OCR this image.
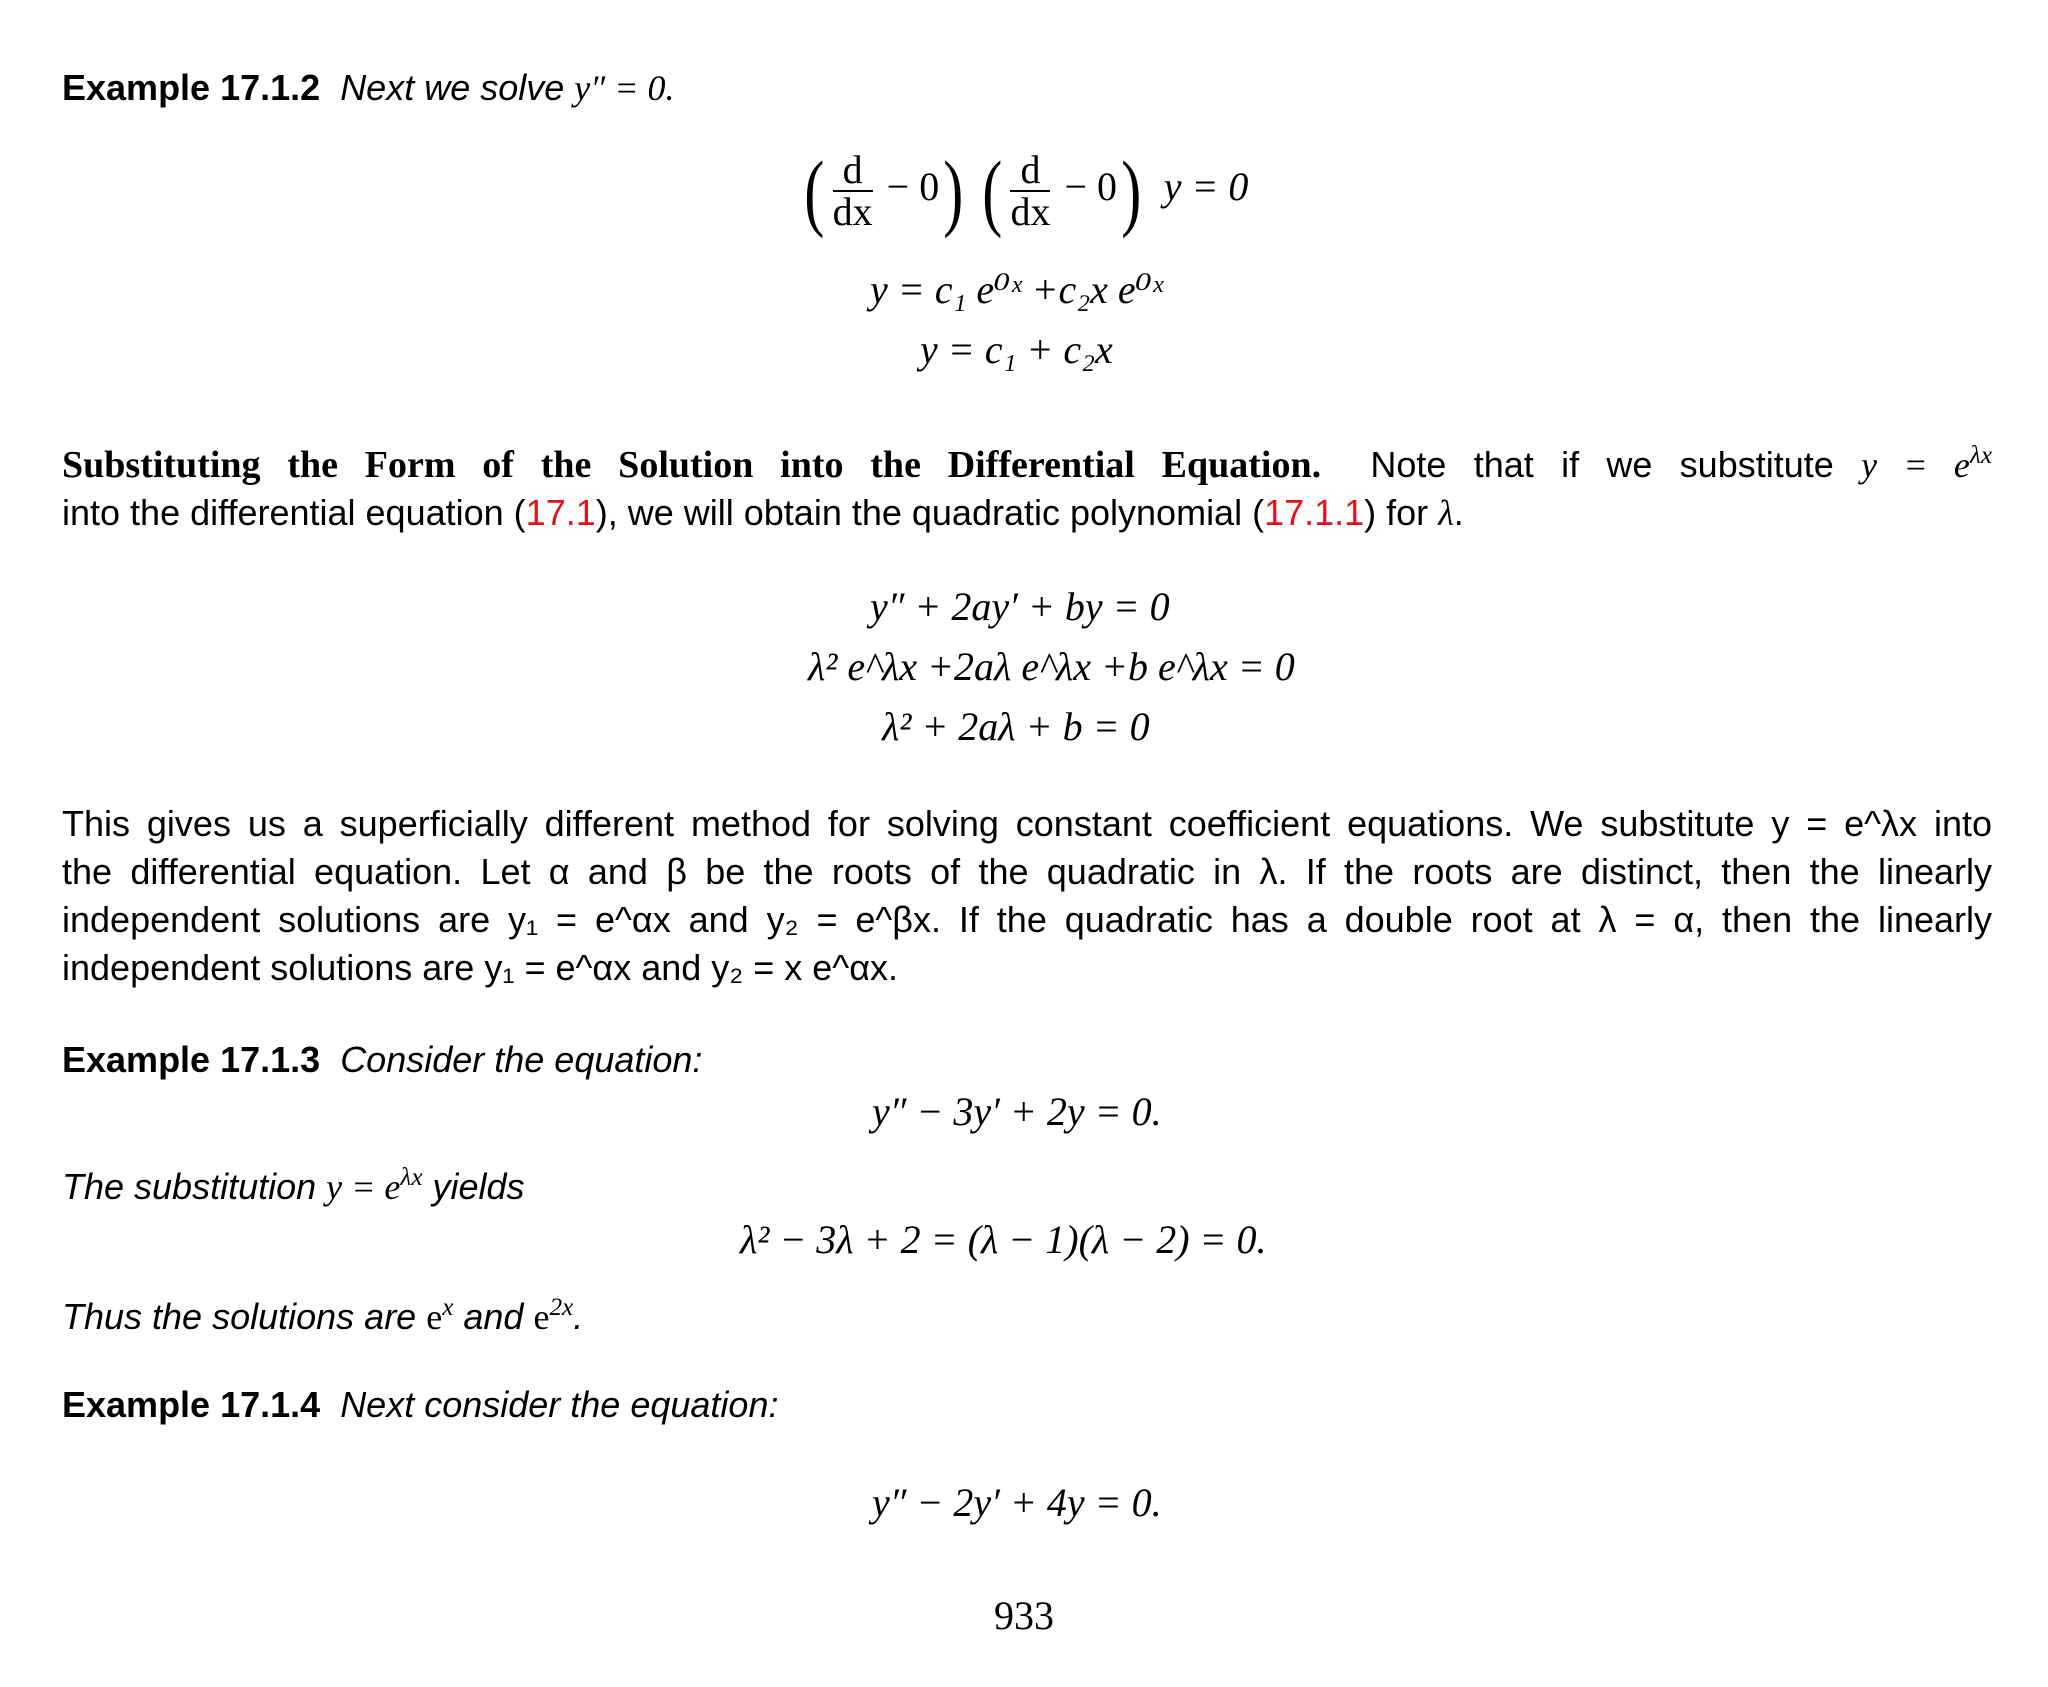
Example 17.1.2 Next we solve y″ = 0.
( $\frac{d}{dx} - 0$) ( $\frac{d}{dx} - 0$) y = 0
y = c₁ e⁰ˣ +c₂x e⁰ˣ
y = c₁ + c₂x
Substituting the Form of the Solution into the Differential Equation. Note that if we substitute $y = e^{\lambda x}$
into the differential equation (17.1), we will obtain the quadratic polynomial (17.1.1) for λ.
y″ + 2ay′ + by = 0
λ² e^λx +2aλ e^λx +b e^λx = 0
λ² + 2aλ + b = 0
This gives us a superficially different method for solving constant coefficient equations. We substitute y = e^λx into
the differential equation. Let α and β be the roots of the quadratic in λ. If the roots are distinct, then the linearly
independent solutions are y₁ = e^αx and y₂ = e^βx. If the quadratic has a double root at λ = α, then the linearly
independent solutions are y₁ = e^αx and y₂ = x e^αx.
Example 17.1.3 Consider the equation:
y″ − 3y′ + 2y = 0.
The substitution $y = e^{\lambda x}$ yields
λ² − 3λ + 2 = (λ − 1)(λ − 2) = 0.
Thus the solutions are $e^x$ and $e^{2x}$.
Example 17.1.4 Next consider the equation:
y″ − 2y′ + 4y = 0.
933
